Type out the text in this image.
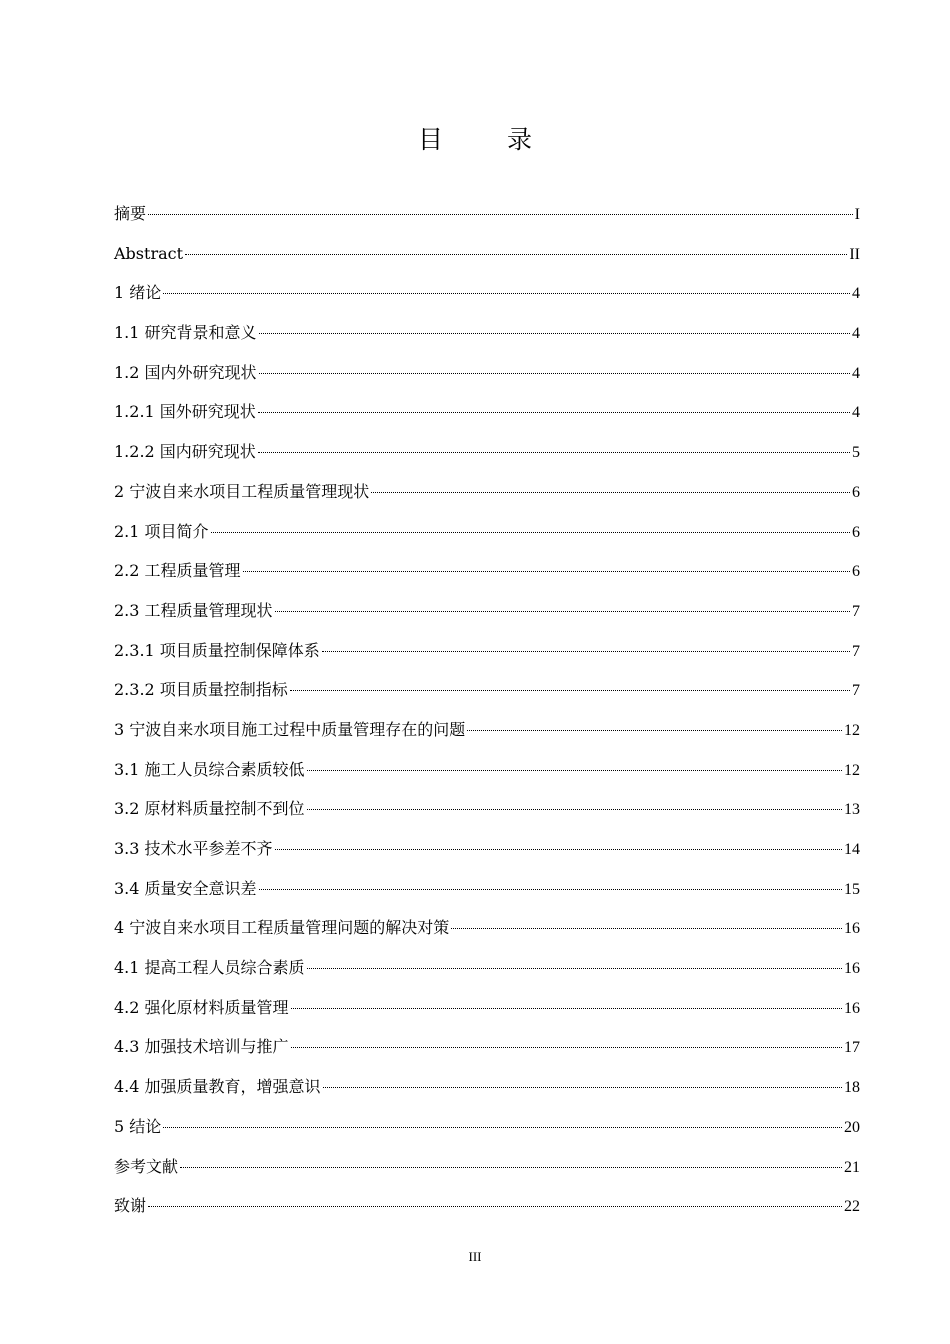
目 录
摘要	I
Abstract	II
1 绪论	4
1.1 研究背景和意义	4
1.2 国内外研究现状	4
1.2.1 国外研究现状	4
1.2.2 国内研究现状	5
2 宁波自来水项目工程质量管理现状	6
2.1 项目简介	6
2.2 工程质量管理	6
2.3 工程质量管理现状	7
2.3.1 项目质量控制保障体系	7
2.3.2 项目质量控制指标	7
3 宁波自来水项目施工过程中质量管理存在的问题	12
3.1 施工人员综合素质较低	12
3.2 原材料质量控制不到位	13
3.3 技术水平参差不齐	14
3.4 质量安全意识差	15
4 宁波自来水项目工程质量管理问题的解决对策	16
4.1 提高工程人员综合素质	16
4.2 强化原材料质量管理	16
4.3 加强技术培训与推广	17
4.4 加强质量教育，增强意识	18
5 结论	20
参考文献	21
致谢	22
III
